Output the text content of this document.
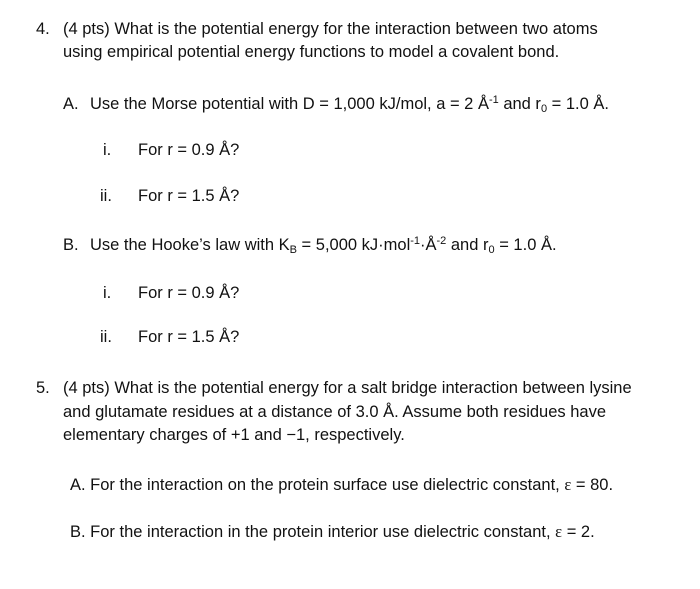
4. (4 pts) What is the potential energy for the interaction between two atoms
using empirical potential energy functions to model a covalent bond.
A. Use the Morse potential with D = 1,000 kJ/mol, a = 2 $Å^{-1}$ and $r_0 = 1.0$ Å.
i. For r = 0.9 Å?
ii. For r = 1.5 Å?
B. Use the Hooke’s law with $K_B = 5,000$ $kJ\cdot mol^{-1}\cdot Å^{-2}$ and $r_0 = 1.0$ Å.
i. For r = 0.9 Å?
ii. For r = 1.5 Å?
5. (4 pts) What is the potential energy for a salt bridge interaction between lysine
and glutamate residues at a distance of 3.0 Å. Assume both residues have
elementary charges of +1 and −1, respectively.
A. For the interaction on the protein surface use dielectric constant, ε = 80.
B. For the interaction in the protein interior use dielectric constant, ε = 2.
